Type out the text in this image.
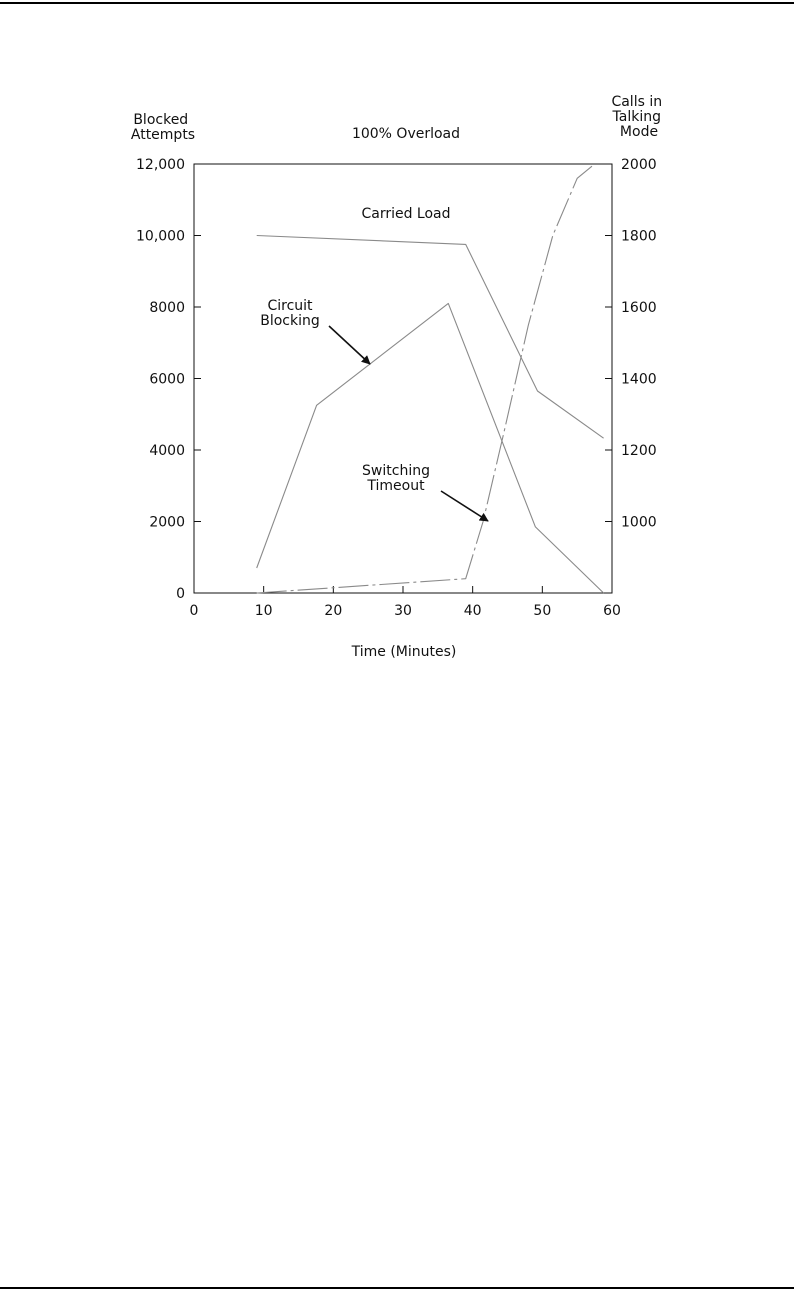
100% Overload
Blocked Attempts
Calls in Talking Mode
0	10	20	30	40	50	60
0
2000
4000
6000
8000
10,000
12,000
1000
1200
1400
1600
1800
2000
Carried Load
Circuit Blocking
Switching Timeout
Time (Minutes)
